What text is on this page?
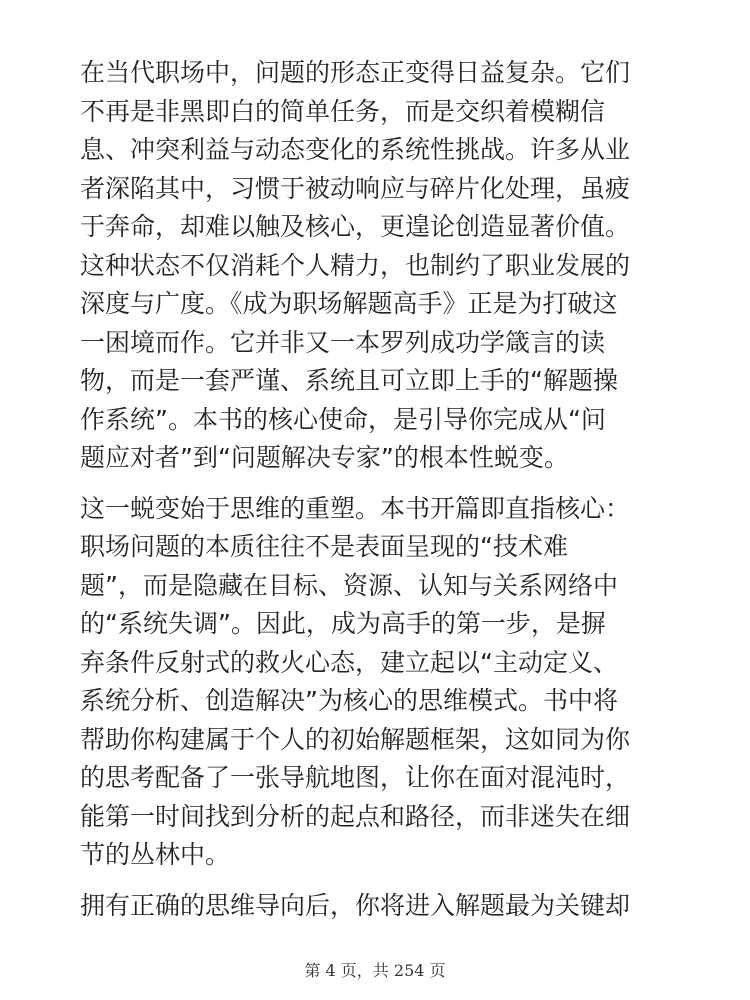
在当代职场中，问题的形态正变得日益复杂。它们
不再是非黑即白的简单任务，而是交织着模糊信
息、冲突利益与动态变化的系统性挑战。许多从业
者深陷其中，习惯于被动响应与碎片化处理，虽疲
于奔命，却难以触及核心，更遑论创造显著价值。
这种状态不仅消耗个人精力，也制约了职业发展的
深度与广度。《成为职场解题高手》正是为打破这
一困境而作。它并非又一本罗列成功学箴言的读
物，而是一套严谨、系统且可立即上手的“解题操
作系统”。本书的核心使命，是引导你完成从“问
题应对者”到“问题解决专家”的根本性蜕变。

这一蜕变始于思维的重塑。本书开篇即直指核心：
职场问题的本质往往不是表面呈现的“技术难
题”，而是隐藏在目标、资源、认知与关系网络中
的“系统失调”。因此，成为高手的第一步，是摒
弃条件反射式的救火心态，建立起以“主动定义、
系统分析、创造解决”为核心的思维模式。书中将
帮助你构建属于个人的初始解题框架，这如同为你
的思考配备了一张导航地图，让你在面对混沌时，
能第一时间找到分析的起点和路径，而非迷失在细
节的丛林中。

拥有正确的思维导向后，你将进入解题最为关键却

第 4 页，共 254 页
